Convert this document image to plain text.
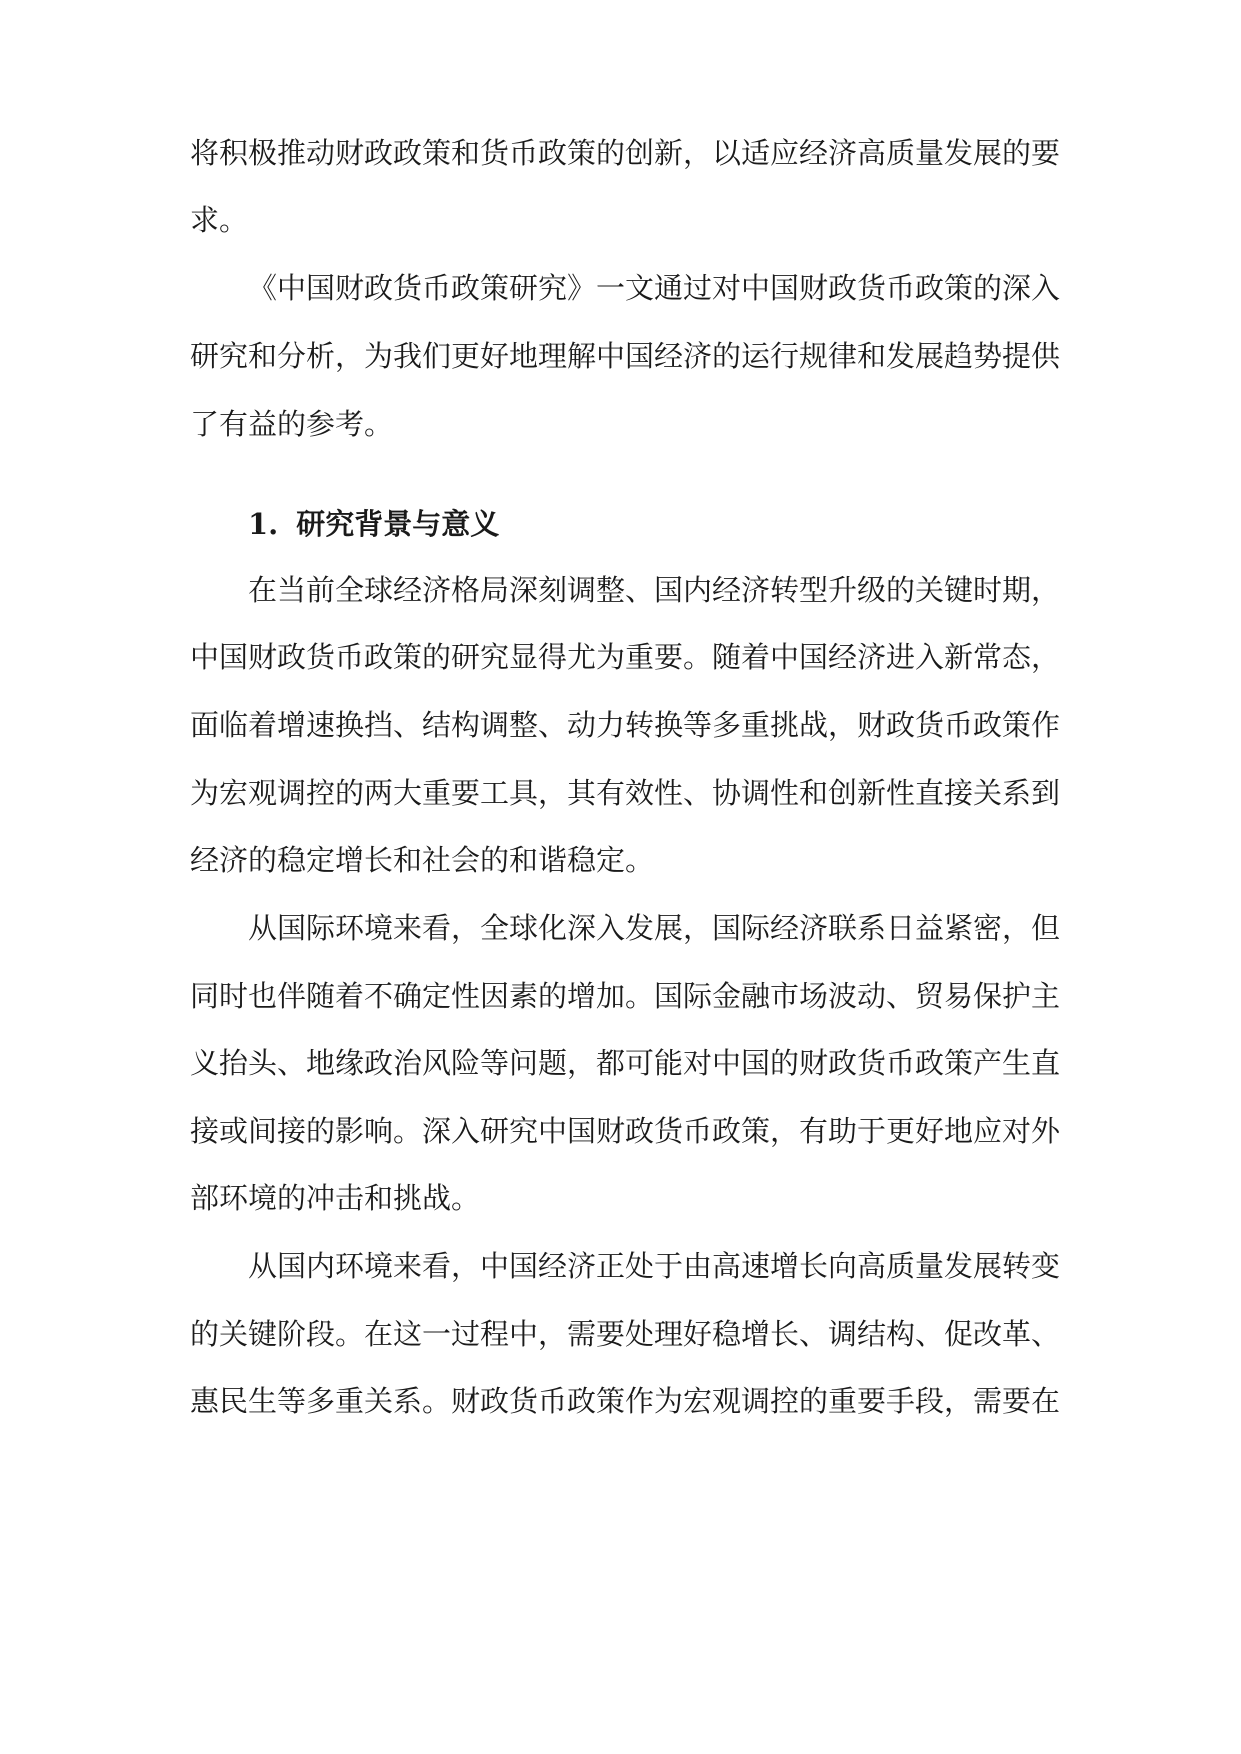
将积极推动财政政策和货币政策的创新，以适应经济高质量发展的要
求。
《中国财政货币政策研究》一文通过对中国财政货币政策的深入
研究和分析，为我们更好地理解中国经济的运行规律和发展趋势提供
了有益的参考。
1. 研究背景与意义
在当前全球经济格局深刻调整、国内经济转型升级的关键时期，
中国财政货币政策的研究显得尤为重要。随着中国经济进入新常态，
面临着增速换挡、结构调整、动力转换等多重挑战，财政货币政策作
为宏观调控的两大重要工具，其有效性、协调性和创新性直接关系到
经济的稳定增长和社会的和谐稳定。
从国际环境来看，全球化深入发展，国际经济联系日益紧密，但
同时也伴随着不确定性因素的增加。国际金融市场波动、贸易保护主
义抬头、地缘政治风险等问题，都可能对中国的财政货币政策产生直
接或间接的影响。深入研究中国财政货币政策，有助于更好地应对外
部环境的冲击和挑战。
从国内环境来看，中国经济正处于由高速增长向高质量发展转变
的关键阶段。在这一过程中，需要处理好稳增长、调结构、促改革、
惠民生等多重关系。财政货币政策作为宏观调控的重要手段，需要在
